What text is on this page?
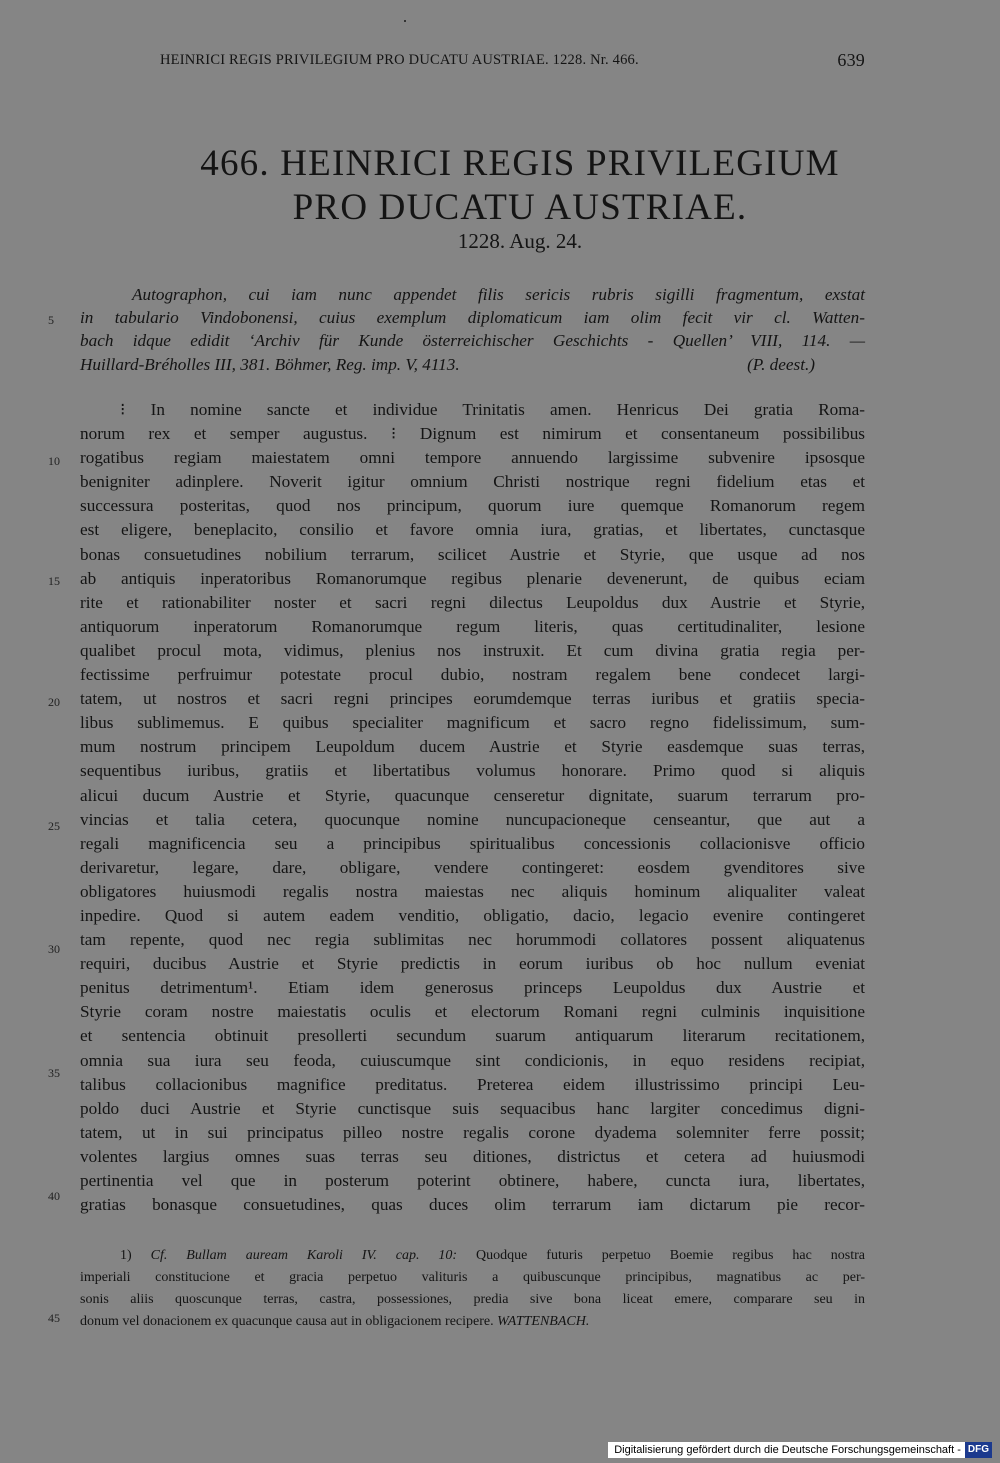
HEINRICI REGIS PRIVILEGIUM PRO DUCATU AUSTRIAE. 1228. Nr. 466.	639
466. HEINRICI REGIS PRIVILEGIUM
PRO DUCATU AUSTRIAE.
1228. Aug. 24.
Autographon, cui iam nunc appendet filis sericis rubris sigilli fragmentum, exstat
in tabulario Vindobonensi, cuius exemplum diplomaticum iam olim fecit vir cl. Watten-
bach idque edidit ‘Archiv für Kunde österreichischer Geschichts - Quellen’ VIII, 114. —
Huillard-Bréholles III, 381. Böhmer, Reg. imp. V, 4113.	(P. deest.)
5
10
15
20
25
30
35
40
45
⁝ In nomine sancte et individue Trinitatis amen. Henricus Dei gratia Roma-
norum rex et semper augustus. ⁝ Dignum est nimirum et consentaneum possibilibus
rogatibus regiam maiestatem omni tempore annuendo largissime subvenire ipsosque
benigniter adinplere. Noverit igitur omnium Christi nostrique regni fidelium etas et
successura posteritas, quod nos principum, quorum iure quemque Romanorum regem
est eligere, beneplacito, consilio et favore omnia iura, gratias, et libertates, cunctasque
bonas consuetudines nobilium terrarum, scilicet Austrie et Styrie, que usque ad nos
ab antiquis inperatoribus Romanorumque regibus plenarie devenerunt, de quibus eciam
rite et rationabiliter noster et sacri regni dilectus Leupoldus dux Austrie et Styrie,
antiquorum inperatorum Romanorumque regum literis, quas certitudinaliter, lesione
qualibet procul mota, vidimus, plenius nos instruxit. Et cum divina gratia regia per-
fectissime perfruimur potestate procul dubio, nostram regalem bene condecet largi-
tatem, ut nostros et sacri regni principes eorumdemque terras iuribus et gratiis specia-
libus sublimemus. E quibus specialiter magnificum et sacro regno fidelissimum, sum-
mum nostrum principem Leupoldum ducem Austrie et Styrie easdemque suas terras,
sequentibus iuribus, gratiis et libertatibus volumus honorare. Primo quod si aliquis
alicui ducum Austrie et Styrie, quacunque censeretur dignitate, suarum terrarum pro-
vincias et talia cetera, quocunque nomine nuncupacioneque censeantur, que aut a
regali magnificencia seu a principibus spiritualibus concessionis collacionisve officio
derivaretur, legare, dare, obligare, vendere contingeret: eosdem gvenditores sive
obligatores huiusmodi regalis nostra maiestas nec aliquis hominum aliqualiter valeat
inpedire. Quod si autem eadem venditio, obligatio, dacio, legacio evenire contingeret
tam repente, quod nec regia sublimitas nec horummodi collatores possent aliquatenus
requiri, ducibus Austrie et Styrie predictis in eorum iuribus ob hoc nullum eveniat
penitus detrimentum¹. Etiam idem generosus princeps Leupoldus dux Austrie et
Styrie coram nostre maiestatis oculis et electorum Romani regni culminis inquisitione
et sentencia obtinuit presollerti secundum suarum antiquarum literarum recitationem,
omnia sua iura seu feoda, cuiuscumque sint condicionis, in equo residens recipiat,
talibus collacionibus magnifice preditatus. Preterea eidem illustrissimo principi Leu-
poldo duci Austrie et Styrie cunctisque suis sequacibus hanc largiter concedimus digni-
tatem, ut in sui principatus pilleo nostre regalis corone dyadema solemniter ferre possit;
volentes largius omnes suas terras seu ditiones, districtus et cetera ad huiusmodi
pertinentia vel que in posterum poterint obtinere, habere, cuncta iura, libertates,
gratias bonasque consuetudines, quas duces olim terrarum iam dictarum pie recor-
1) Cf. Bullam auream Karoli IV. cap. 10: Quodque futuris perpetuo Boemie regibus hac nostra
imperiali constitucione et gracia perpetuo valituris a quibuscunque principibus, magnatibus ac per-
sonis aliis quoscunque terras, castra, possessiones, predia sive bona liceat emere, comparare seu in
donum vel donacionem ex quacunque causa aut in obligacionem recipere. WATTENBACH.
Digitalisierung gefördert durch die Deutsche Forschungsgemeinschaft - DFG
